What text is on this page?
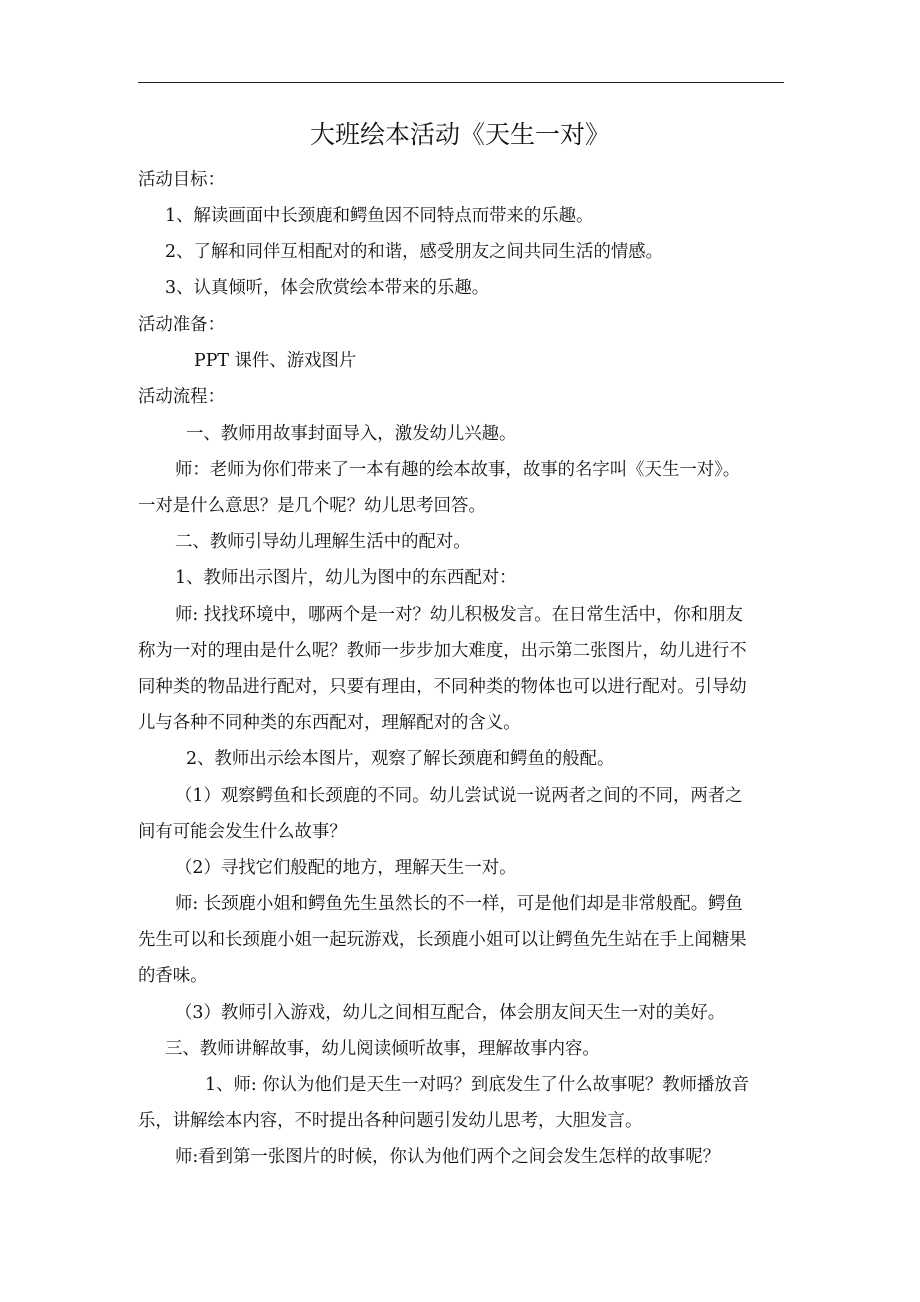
大班绘本活动《天生一对》
活动目标：
1、解读画面中长颈鹿和鳄鱼因不同特点而带来的乐趣。
2、了解和同伴互相配对的和谐，感受朋友之间共同生活的情感。
3、认真倾听，体会欣赏绘本带来的乐趣。
活动准备：
PPT 课件、游戏图片
活动流程：
一、教师用故事封面导入，激发幼儿兴趣。
师：老师为你们带来了一本有趣的绘本故事，故事的名字叫《天生一对》。
一对是什么意思？是几个呢？幼儿思考回答。
二、教师引导幼儿理解生活中的配对。
1、教师出示图片，幼儿为图中的东西配对：
师: 找找环境中，哪两个是一对？幼儿积极发言。在日常生活中，你和朋友
称为一对的理由是什么呢？教师一步步加大难度，出示第二张图片，幼儿进行不
同种类的物品进行配对，只要有理由，不同种类的物体也可以进行配对。引导幼
儿与各种不同种类的东西配对，理解配对的含义。
2、教师出示绘本图片，观察了解长颈鹿和鳄鱼的般配。
（1）观察鳄鱼和长颈鹿的不同。幼儿尝试说一说两者之间的不同，两者之
间有可能会发生什么故事？
（2）寻找它们般配的地方，理解天生一对。
师: 长颈鹿小姐和鳄鱼先生虽然长的不一样，可是他们却是非常般配。鳄鱼
先生可以和长颈鹿小姐一起玩游戏，长颈鹿小姐可以让鳄鱼先生站在手上闻糖果
的香味。
（3）教师引入游戏，幼儿之间相互配合，体会朋友间天生一对的美好。
三、教师讲解故事，幼儿阅读倾听故事，理解故事内容。
1、师: 你认为他们是天生一对吗？到底发生了什么故事呢？教师播放音
乐，讲解绘本内容，不时提出各种问题引发幼儿思考，大胆发言。
师:看到第一张图片的时候，你认为他们两个之间会发生怎样的故事呢？
